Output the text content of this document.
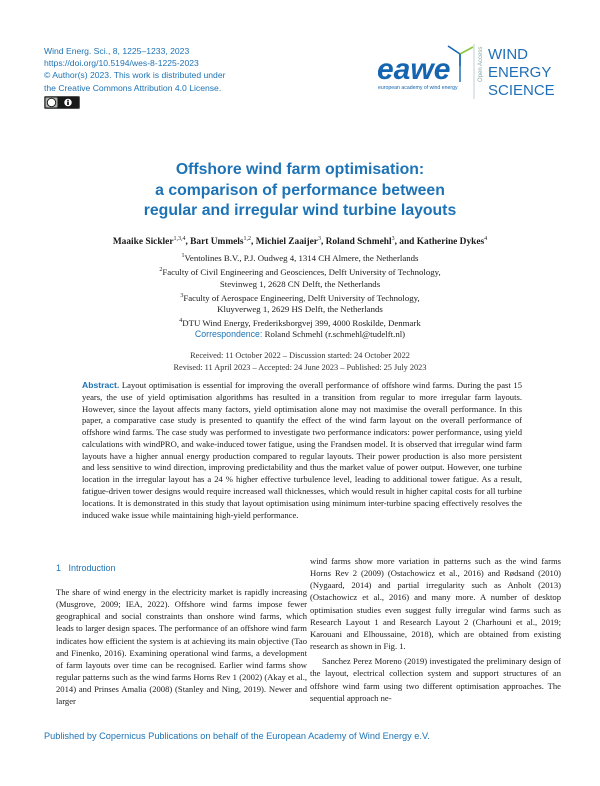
Wind Energ. Sci., 8, 1225–1233, 2023
https://doi.org/10.5194/wes-8-1225-2023
© Author(s) 2023. This work is distributed under
the Creative Commons Attribution 4.0 License.
eawe
european academy of wind energy
Open Access WIND
ENERGY
SCIENCE
Offshore wind farm optimisation:
a comparison of performance between
regular and irregular wind turbine layouts
Maaike Sickler$^{1,3,4}$, Bart Ummels$^{1,2}$, Michiel Zaaijer$^3$, Roland Schmehl$^3$, and Katherine Dykes$^4$
$^1$Ventolines B.V., P.J. Oudweg 4, 1314 CH Almere, the Netherlands
$^2$Faculty of Civil Engineering and Geosciences, Delft University of Technology,
Stevinweg 1, 2628 CN Delft, the Netherlands
$^3$Faculty of Aerospace Engineering, Delft University of Technology,
Kluyverweg 1, 2629 HS Delft, the Netherlands
$^4$DTU Wind Energy, Frederiksborgvej 399, 4000 Roskilde, Denmark
Correspondence: Roland Schmehl (r.schmehl@tudelft.nl)
Received: 11 October 2022 – Discussion started: 24 October 2022
Revised: 11 April 2023 – Accepted: 24 June 2023 – Published: 25 July 2023
Abstract. Layout optimisation is essential for improving the overall performance of offshore wind farms. During the past 15 years, the use of yield optimisation algorithms has resulted in a transition from regular to more irregular farm layouts. However, since the layout affects many factors, yield optimisation alone may not maximise the overall performance. In this paper, a comparative case study is presented to quantify the effect of the wind farm layout on the overall performance of offshore wind farms. The case study was performed to investigate two performance indicators: power performance, using yield calculations with windPRO, and wake-induced tower fatigue, using the Frandsen model. It is observed that irregular wind farm layouts have a higher annual energy production compared to regular layouts. Their power production is also more persistent and less sensitive to wind direction, improving predictability and thus the market value of power output. However, one turbine location in the irregular layout has a 24 % higher effective turbulence level, leading to additional tower fatigue. As a result, fatigue-driven tower designs would require increased wall thicknesses, which would result in higher capital costs for all turbine locations. It is demonstrated in this study that layout optimisation using minimum inter-turbine spacing effectively resolves the induced wake issue while maintaining high-yield performance.
1 Introduction
The share of wind energy in the electricity market is rapidly increasing (Musgrove, 2009; IEA, 2022). Offshore wind farms impose fewer geographical and social constraints than onshore wind farms, which leads to larger design spaces. The performance of an offshore wind farm indicates how efficient the system is at achieving its main objective (Tao and Finenko, 2016). Examining operational wind farms, a development of farm layouts over time can be recognised. Earlier wind farms show regular patterns such as the wind farms Horns Rev 1 (2002) (Akay et al., 2014) and Prinses Amalia (2008) (Stanley and Ning, 2019). Newer and larger
wind farms show more variation in patterns such as the wind farms Horns Rev 2 (2009) (Ostachowicz et al., 2016) and Rødsand (2010) (Nygaard, 2014) and partial irregularity such as Anholt (2013) (Ostachowicz et al., 2016) and many more. A number of desktop optimisation studies even suggest fully irregular wind farms such as Research Layout 1 and Research Layout 2 (Charhouni et al., 2019; Karouani and Elhoussaine, 2018), which are obtained from existing research as shown in Fig. 1.
Sanchez Perez Moreno (2019) investigated the preliminary design of the layout, electrical collection system and support structures of an offshore wind farm using two different optimisation approaches. The sequential approach ne-
Published by Copernicus Publications on behalf of the European Academy of Wind Energy e.V.
